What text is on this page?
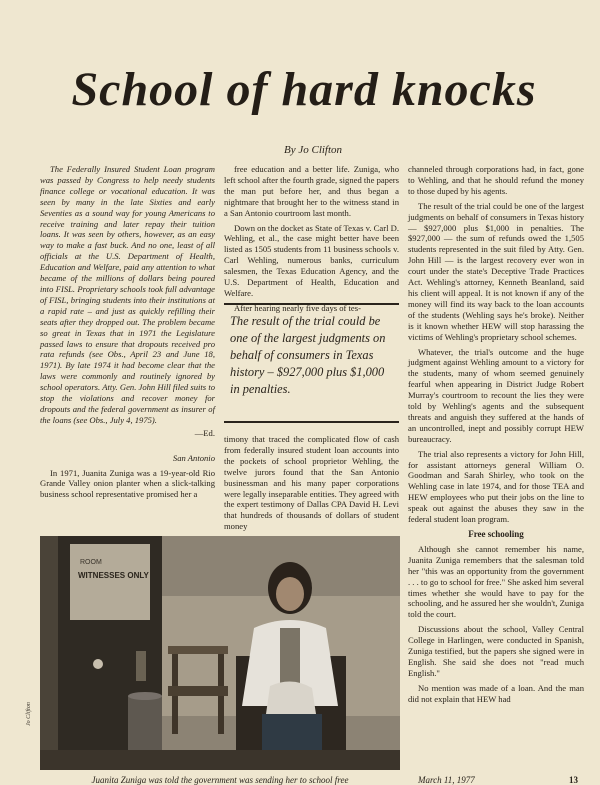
School of hard knocks
By Jo Clifton

The Federally Insured Student Loan program was passed by Congress to help needy students finance college or vocational education. It was seen by many in the late Sixties and early Seventies as a sound way for young Americans to receive training and later repay their tuition loans. It was seen by others, however, as an easy way to make a fast buck. And no one, least of all officials at the U.S. Department of Health, Education and Welfare, paid any attention to what became of the millions of dollars being poured into FISL. Proprietary schools took full advantage of FISL, bringing students into their institutions at a rapid rate – and just as quickly refilling their seats after they dropped out. The problem became so great in Texas that in 1971 the Legislature passed laws to ensure that dropouts received pro rata refunds (see Obs., April 23 and June 18, 1971). By late 1974 it had become clear that the laws were commonly and routinely ignored by school operators. Atty. Gen. John Hill filed suits to stop the violations and recover money for dropouts and the federal government as insurer of the loans (see Obs., July 4, 1975).

—Ed.
San Antonio

In 1971, Juanita Zuniga was a 19-year-old Rio Grande Valley onion planter when a slick-talking business school representative promised her a

free education and a better life. Zuniga, who left school after the fourth grade, signed the papers the man put before her, and thus began a nightmare that brought her to the witness stand in a San Antonio courtroom last month.

Down on the docket as State of Texas v. Carl D. Wehling, et al., the case might better have been listed as 1505 students from 11 business schools v. Carl Wehling, numerous banks, curriculum salesmen, the Texas Education Agency, and the U.S. Department of Health, Education and Welfare.

After hearing nearly five days of tes-

The result of the trial could be one of the largest judgments on behalf of consumers in Texas history – $927,000 plus $1,000 in penalties.

timony that traced the complicated flow of cash from federally insured student loan accounts into the pockets of school proprietor Wehling, the twelve jurors found that the San Antonio businessman and his many paper corporations were legally inseparable entities. They agreed with the expert testimony of Dallas CPA David H. Levi that hundreds of thousands of dollars of student money

channeled through corporations had, in fact, gone to Wehling, and that he should refund the money to those duped by his agents.

The result of the trial could be one of the largest judgments on behalf of consumers in Texas history — $927,000 plus $1,000 in penalties. The $927,000 — the sum of refunds owed the 1,505 students represented in the suit filed by Atty. Gen. John Hill — is the largest recovery ever won in court under the state's Deceptive Trade Practices Act. Wehling's attorney, Kenneth Beanland, said his client will appeal. It is not known if any of the money will find its way back to the loan accounts of the students (Wehling says he's broke). Neither is it known whether HEW will stop harassing the victims of Wehling's proprietary school schemes.

Whatever, the trial's outcome and the huge judgment against Wehling amount to a victory for the students, many of whom seemed genuinely fearful when appearing in District Judge Robert Murray's courtroom to recount the lies they were told by Wehling's agents and the subsequent threats and anguish they suffered at the hands of an uncontrolled, inept and possibly corrupt HEW bureaucracy.

The trial also represents a victory for John Hill, for assistant attorneys general William O. Goodman and Sarah Shirley, who took on the Wehling case in late 1974, and for those TEA and HEW employees who put their jobs on the line to speak out against the abuses they saw in the federal student loan program.

Free schooling

Although she cannot remember his name, Juanita Zuniga remembers that the salesman told her "this was an opportunity from the government . . . to go to school for free." She asked him several times whether she would have to pay for the schooling, and he assured her she wouldn't, Zuniga told the court.

Discussions about the school, Valley Central College in Harlingen, were conducted in Spanish, Zuniga testified, but the papers she signed were in English. She said she does not "read much English."

No mention was made of a loan. And the man did not explain that HEW had

ROOM
WITNESSES ONLY
Jo Clifton
Juanita Zuniga was told the government was sending her to school free	March 11, 1977	13
